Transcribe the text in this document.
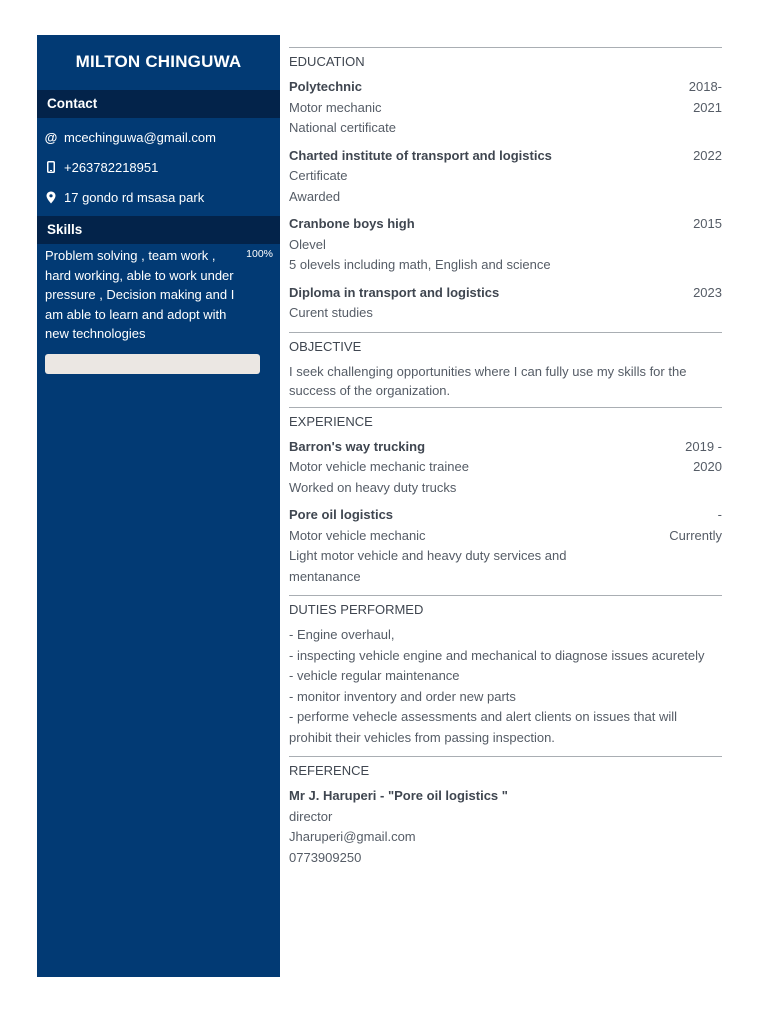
MILTON CHINGUWA
Contact
@ mcechinguwa@gmail.com
+263782218951
17 gondo rd msasa park
Skills
Problem solving , team work , hard working, able to work under pressure , Decision making and I am able to learn and adopt with new technologies
100%
EDUCATION
2018-
2021
Polytechnic
Motor mechanic
National certificate
2022
Charted institute of transport and logistics
Certificate
Awarded
2015
Cranbone boys high
Olevel
5 olevels including math, English and science
2023
Diploma in transport and logistics
Curent studies
OBJECTIVE
I seek challenging opportunities where I can fully use my skills for the success of the organization.
EXPERIENCE
2019 -
2020
Barron's way trucking
Motor vehicle mechanic trainee
Worked on heavy duty trucks
-
Currently
Pore oil logistics
Motor vehicle mechanic
Light motor vehicle and heavy duty services and mentanance
DUTIES PERFORMED
- Engine overhaul,
- inspecting vehicle engine and mechanical to diagnose issues acuretely
- vehicle regular maintenance
- monitor inventory and order new parts
- performe vehecle assessments and alert clients on issues that will prohibit their vehicles from passing inspection.
REFERENCE
Mr J. Haruperi - "Pore oil logistics "
director
Jharuperi@gmail.com
0773909250
